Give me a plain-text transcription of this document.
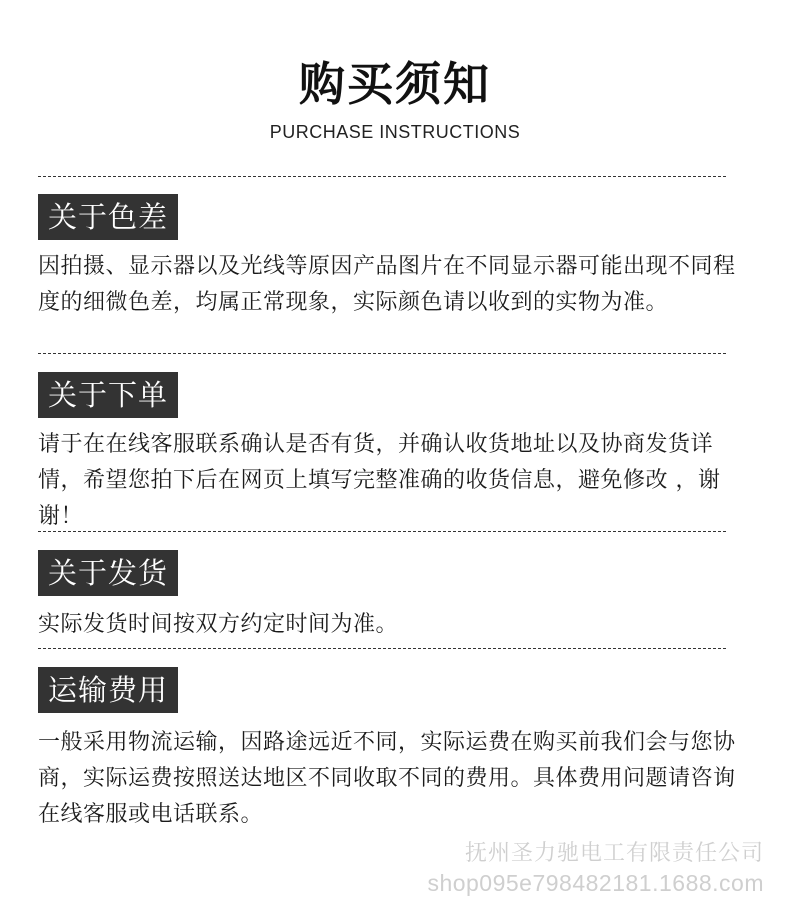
购买须知
PURCHASE INSTRUCTIONS
关于色差
因拍摄、显示器以及光线等原因产品图片在不同显示器可能出现不同程度的细微色差，均属正常现象，实际颜色请以收到的实物为准。
关于下单
请于在在线客服联系确认是否有货，并确认收货地址以及协商发货详情，希望您拍下后在网页上填写完整准确的收货信息，避免修改 ，谢谢！
关于发货
实际发货时间按双方约定时间为准。
运输费用
一般采用物流运输，因路途远近不同，实际运费在购买前我们会与您协商，实际运费按照送达地区不同收取不同的费用。具体费用问题请咨询在线客服或电话联系。
抚州圣力驰电工有限责任公司
shop095e798482181.1688.com
